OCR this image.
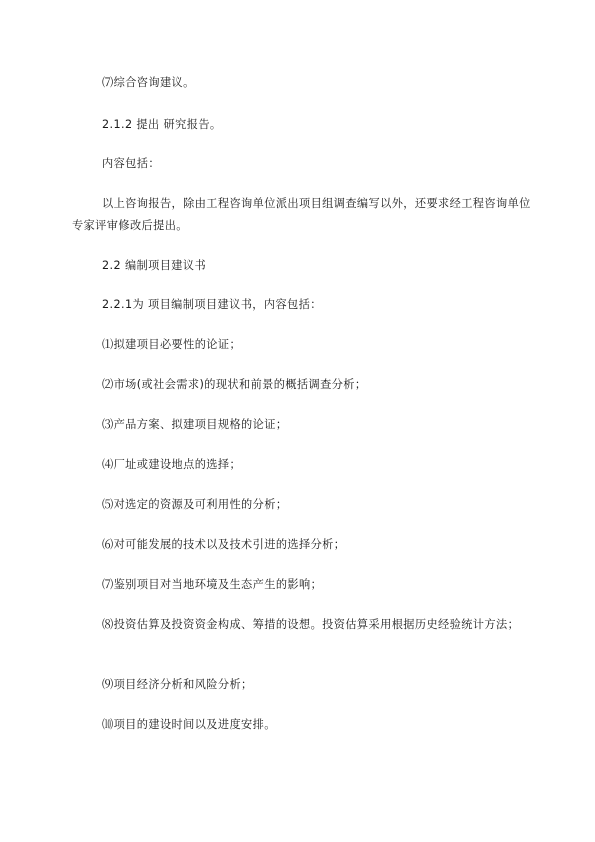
⑺综合咨询建议。

2.1.2 提出 研究报告。

内容包括：

以上咨询报告，除由工程咨询单位派出项目组调查编写以外，还要求经工程咨询单位专家评审修改后提出。

2.2 编制项目建议书

2.2.1为 项目编制项目建议书，内容包括：

⑴拟建项目必要性的论证；

⑵市场(或社会需求)的现状和前景的概括调查分析；

⑶产品方案、拟建项目规格的论证；

⑷厂址或建设地点的选择；

⑸对选定的资源及可利用性的分析；

⑹对可能发展的技术以及技术引进的选择分析；

⑺鉴别项目对当地环境及生态产生的影响；

⑻投资估算及投资资金构成、筹措的设想。投资估算采用根据历史经验统计方法；

⑼项目经济分析和风险分析；

⑽项目的建设时间以及进度安排。
